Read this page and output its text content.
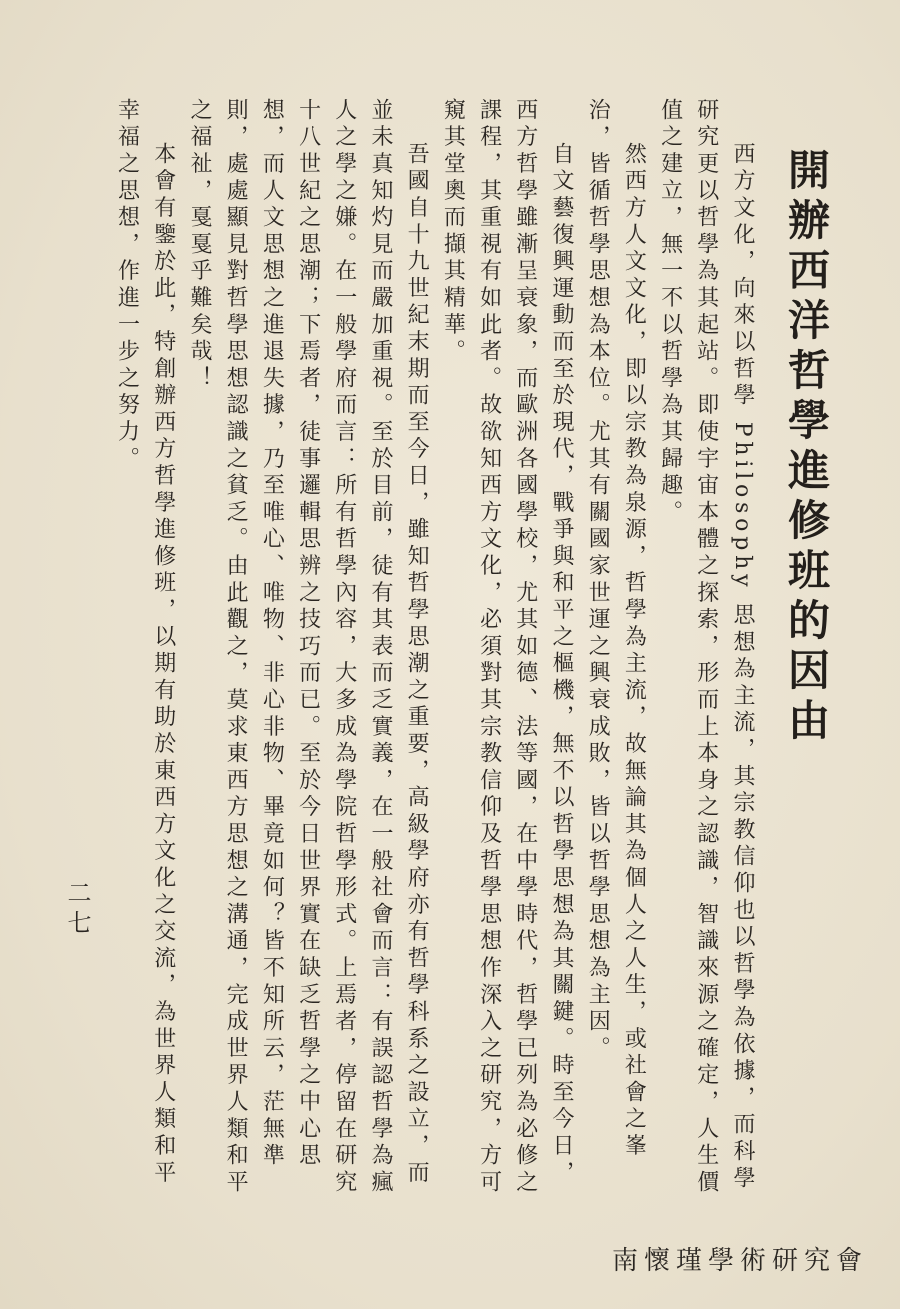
開辦西洋哲學進修班的因由

西方文化，向來以哲學 Philosophy 思想為主流，其宗教信仰也以哲學為依據，而科學研究更以哲學為其起站。即使宇宙本體之探索，形而上本身之認識，智識來源之確定，人生價值之建立，無一不以哲學為其歸趣。

然西方人文文化，即以宗教為泉源，哲學為主流，故無論其為個人之人生，或社會之峯治，皆循哲學思想為本位。尤其有關國家世運之興衰成敗，皆以哲學思想為主因。

自文藝復興運動而至於現代，戰爭與和平之樞機，無不以哲學思想為其關鍵。時至今日，西方哲學雖漸呈衰象，而歐洲各國學校，尤其如德、法等國，在中學時代，哲學已列為必修之課程，其重視有如此者。故欲知西方文化，必須對其宗教信仰及哲學思想作深入之研究，方可窺其堂奧而擷其精華。

吾國自十九世紀末期而至今日，雖知哲學思潮之重要，高級學府亦有哲學科系之設立，而並未真知灼見而嚴加重視。至於目前，徒有其表而乏實義，在一般社會而言：有誤認哲學為瘋人之學之嫌。在一般學府而言：所有哲學內容，大多成為學院哲學形式。上焉者，停留在研究十八世紀之思潮；下焉者，徒事邏輯思辨之技巧而已。至於今日世界實在缺乏哲學之中心思想，而人文思想之進退失據，乃至唯心、唯物、非心非物、畢竟如何？皆不知所云，茫無準則，處處顯見對哲學思想認識之貧乏。由此觀之，莫求東西方思想之溝通，完成世界人類和平之福祉，戛戛乎難矣哉！

本會有鑒於此，特創辦西方哲學進修班，以期有助於東西方文化之交流，為世界人類和平幸福之思想，作進一步之努力。

二七
南懷瑾學術研究會
